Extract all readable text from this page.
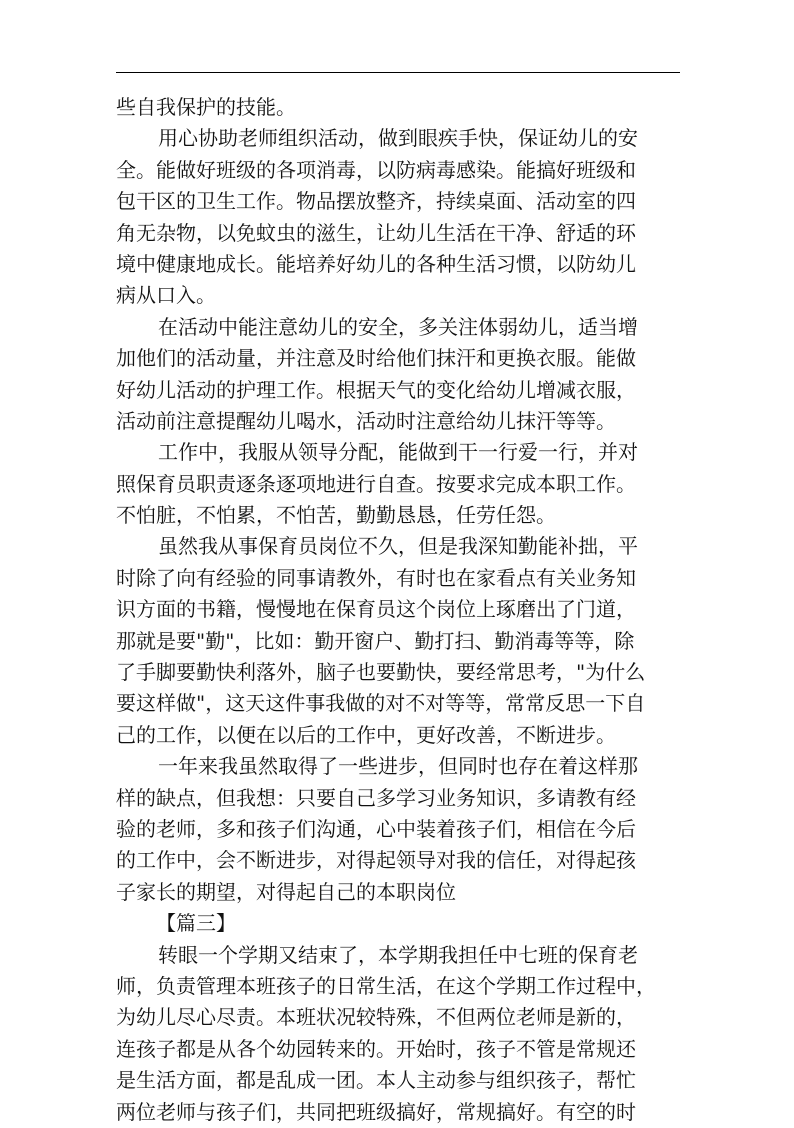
些自我保护的技能。
用心协助老师组织活动，做到眼疾手快，保证幼儿的安
全。能做好班级的各项消毒，以防病毒感染。能搞好班级和
包干区的卫生工作。物品摆放整齐，持续桌面、活动室的四
角无杂物，以免蚊虫的滋生，让幼儿生活在干净、舒适的环
境中健康地成长。能培养好幼儿的各种生活习惯，以防幼儿
病从口入。
在活动中能注意幼儿的安全，多关注体弱幼儿，适当增
加他们的活动量，并注意及时给他们抹汗和更换衣服。能做
好幼儿活动的护理工作。根据天气的变化给幼儿增减衣服，
活动前注意提醒幼儿喝水，活动时注意给幼儿抹汗等等。
工作中，我服从领导分配，能做到干一行爱一行，并对
照保育员职责逐条逐项地进行自查。按要求完成本职工作。
不怕脏，不怕累，不怕苦，勤勤恳恳，任劳任怨。
虽然我从事保育员岗位不久，但是我深知勤能补拙，平
时除了向有经验的同事请教外，有时也在家看点有关业务知
识方面的书籍，慢慢地在保育员这个岗位上琢磨出了门道，
那就是要"勤"，比如：勤开窗户、勤打扫、勤消毒等等，除
了手脚要勤快利落外，脑子也要勤快，要经常思考，"为什么
要这样做"，这天这件事我做的对不对等等，常常反思一下自
己的工作，以便在以后的工作中，更好改善，不断进步。
一年来我虽然取得了一些进步，但同时也存在着这样那
样的缺点，但我想：只要自己多学习业务知识，多请教有经
验的老师，多和孩子们沟通，心中装着孩子们，相信在今后
的工作中，会不断进步，对得起领导对我的信任，对得起孩
子家长的期望，对得起自己的本职岗位
【篇三】
转眼一个学期又结束了，本学期我担任中七班的保育老
师，负责管理本班孩子的日常生活，在这个学期工作过程中，
为幼儿尽心尽责。本班状况较特殊，不但两位老师是新的，
连孩子都是从各个幼园转来的。开始时，孩子不管是常规还
是生活方面，都是乱成一团。本人主动参与组织孩子，帮忙
两位老师与孩子们，共同把班级搞好，常规搞好。有空的时
